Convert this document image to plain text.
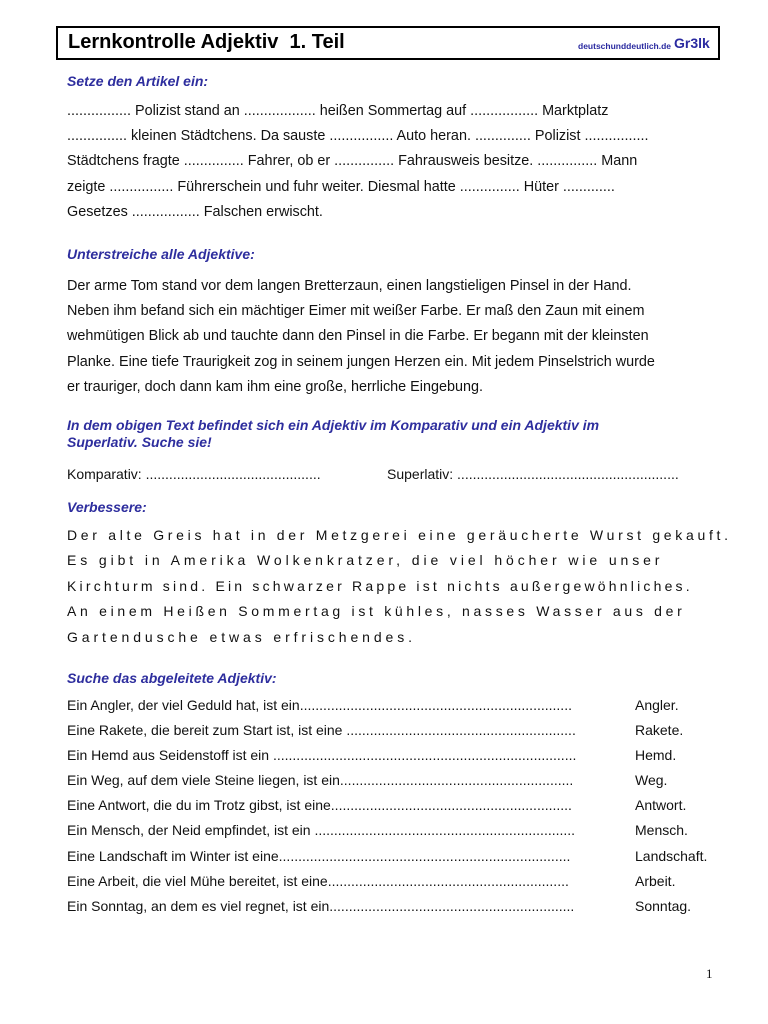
Lernkontrolle Adjektiv  1. Teil	deutschunddeutlich.de Gr3lk
Setze den Artikel ein:
................ Polizist stand an .................. heißen Sommertag auf ................. Marktplatz
............... kleinen Städtchens. Da sauste ................ Auto heran. .............. Polizist ................
Städtchens fragte ............... Fahrer, ob er ............... Fahrausweis besitze. ............... Mann
zeigte ................ Führerschein und fuhr weiter. Diesmal hatte ............... Hüter .............
Gesetzes ................. Falschen erwischt.
Unterstreiche alle Adjektive:
Der arme Tom stand vor dem langen Bretterzaun, einen langstieligen Pinsel in der Hand.
Neben ihm befand sich ein mächtiger Eimer mit weißer Farbe. Er maß den Zaun mit einem
wehmütigen Blick ab und tauchte dann den Pinsel in die Farbe. Er begann mit der kleinsten
Planke. Eine tiefe Traurigkeit zog in seinem jungen Herzen ein. Mit jedem Pinselstrich wurde
er trauriger, doch dann kam ihm eine große, herrliche Eingebung.
In dem obigen Text befindet sich ein Adjektiv im Komparativ und ein Adjektiv im
Superlativ. Suche sie!
Komparativ: .............................................	Superlativ: .........................................................
Verbessere:
Der alte Greis hat in der Metzgerei eine geräucherte Wurst gekauft.
Es gibt in Amerika Wolkenkratzer, die viel höcher wie unser
Kirchturm sind. Ein schwarzer Rappe ist nichts außergewöhnliches.
An einem Heißen Sommertag ist kühles, nasses Wasser aus der
Gartendusche etwas erfrischendes.
Suche das abgeleitete Adjektiv:
Ein Angler, der viel Geduld hat, ist ein......................................................................	Angler.
Eine Rakete, die bereit zum Start ist, ist eine ...........................................................	Rakete.
Ein Hemd aus Seidenstoff ist ein ..............................................................................	Hemd.
Ein Weg, auf dem viele Steine liegen, ist ein............................................................	Weg.
Eine Antwort, die du im Trotz gibst, ist eine..............................................................	Antwort.
Ein Mensch, der Neid empfindet, ist ein ...................................................................	Mensch.
Eine Landschaft im Winter ist eine...........................................................................	Landschaft.
Eine Arbeit, die viel Mühe bereitet, ist eine..............................................................	Arbeit.
Ein Sonntag, an dem es viel regnet, ist ein...............................................................	Sonntag.
1
